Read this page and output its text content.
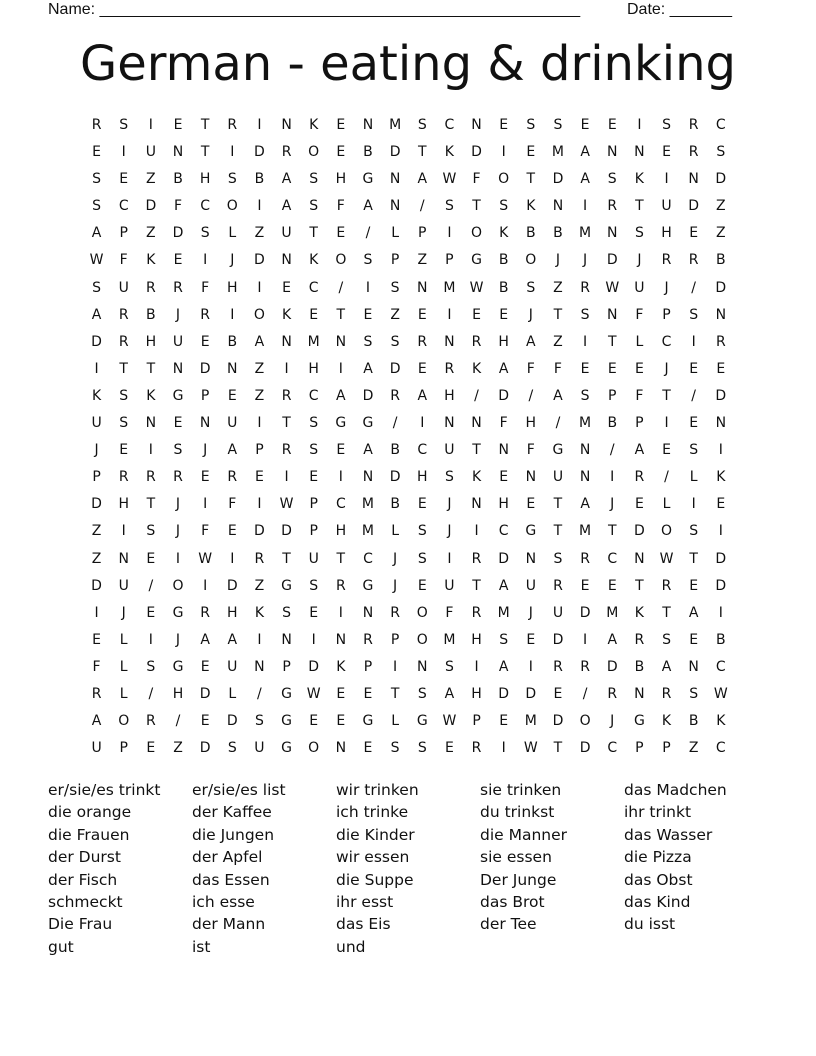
Name: ______________________________________________________	Date: _______
German - eating & drinking
R	S	I	E	T	R	I	N	K	E	N	M	S	C	N	E	S	S	E	E	I	S	R	C
E	I	U	N	T	I	D	R	O	E	B	D	T	K	D	I	E	M	A	N	N	E	R	S
S	E	Z	B	H	S	B	A	S	H	G	N	A	W	F	O	T	D	A	S	K	I	N	D
S	C	D	F	C	O	I	A	S	F	A	N	/	S	T	S	K	N	I	R	T	U	D	Z
A	P	Z	D	S	L	Z	U	T	E	/	L	P	I	O	K	B	B	M	N	S	H	E	Z
W	F	K	E	I	J	D	N	K	O	S	P	Z	P	G	B	O	J	J	D	J	R	R	B
S	U	R	R	F	H	I	E	C	/	I	S	N	M	W	B	S	Z	R	W	U	J	/	D
A	R	B	J	R	I	O	K	E	T	E	Z	E	I	E	E	J	T	S	N	F	P	S	N
D	R	H	U	E	B	A	N	M	N	S	S	R	N	R	H	A	Z	I	T	L	C	I	R
I	T	T	N	D	N	Z	I	H	I	A	D	E	R	K	A	F	F	E	E	E	J	E	E
K	S	K	G	P	E	Z	R	C	A	D	R	A	H	/	D	/	A	S	P	F	T	/	D
U	S	N	E	N	U	I	T	S	G	G	/	I	N	N	F	H	/	M	B	P	I	E	N
J	E	I	S	J	A	P	R	S	E	A	B	C	U	T	N	F	G	N	/	A	E	S	I
P	R	R	R	E	R	E	I	E	I	N	D	H	S	K	E	N	U	N	I	R	/	L	K
D	H	T	J	I	F	I	W	P	C	M	B	E	J	N	H	E	T	A	J	E	L	I	E
Z	I	S	J	F	E	D	D	P	H	M	L	S	J	I	C	G	T	M	T	D	O	S	I
Z	N	E	I	W	I	R	T	U	T	C	J	S	I	R	D	N	S	R	C	N	W	T	D
D	U	/	O	I	D	Z	G	S	R	G	J	E	U	T	A	U	R	E	E	T	R	E	D
I	J	E	G	R	H	K	S	E	I	N	R	O	F	R	M	J	U	D	M	K	T	A	I
E	L	I	J	A	A	I	N	I	N	R	P	O	M	H	S	E	D	I	A	R	S	E	B
F	L	S	G	E	U	N	P	D	K	P	I	N	S	I	A	I	R	R	D	B	A	N	C
R	L	/	H	D	L	/	G	W	E	E	T	S	A	H	D	D	E	/	R	N	R	S	W
A	O	R	/	E	D	S	G	E	E	G	L	G	W	P	E	M	D	O	J	G	K	B	K
U	P	E	Z	D	S	U	G	O	N	E	S	S	E	R	I	W	T	D	C	P	P	Z	C
er/sie/es trinkt
die orange
die Frauen
der Durst
der Fisch
schmeckt
Die Frau
gut
er/sie/es list
der Kaffee
die Jungen
der Apfel
das Essen
ich esse
der Mann
ist
wir trinken
ich trinke
die Kinder
wir essen
die Suppe
ihr esst
das Eis
und
sie trinken
du trinkst
die Manner
sie essen
Der Junge
das Brot
der Tee
das Madchen
ihr trinkt
das Wasser
die Pizza
das Obst
das Kind
du isst
